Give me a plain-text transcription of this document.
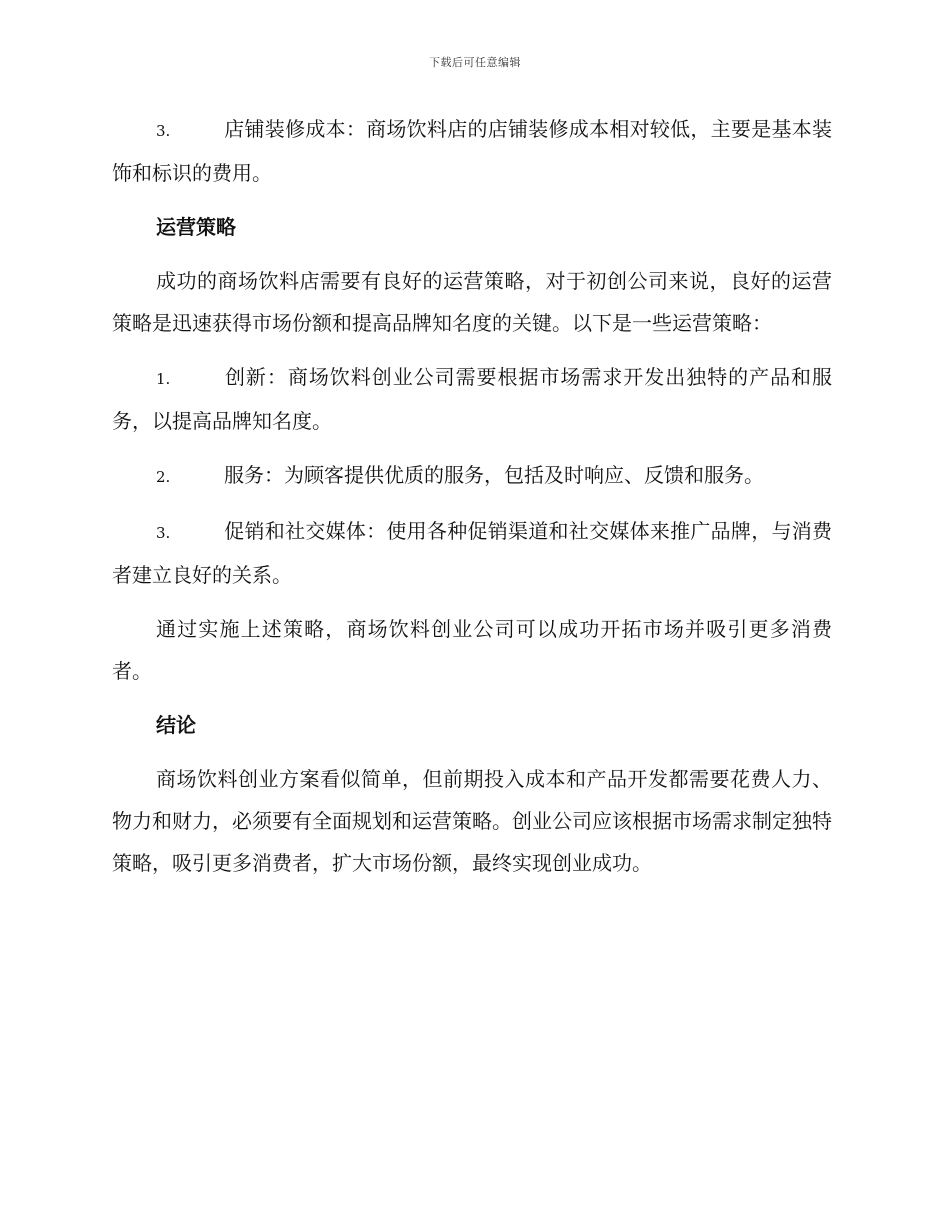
下载后可任意编辑

3.	店铺装修成本：商场饮料店的店铺装修成本相对较低，主要是基本装饰和标识的费用。

运营策略

成功的商场饮料店需要有良好的运营策略，对于初创公司来说，良好的运营策略是迅速获得市场份额和提高品牌知名度的关键。以下是一些运营策略：

1.	创新：商场饮料创业公司需要根据市场需求开发出独特的产品和服务，以提高品牌知名度。

2.	服务：为顾客提供优质的服务，包括及时响应、反馈和服务。

3.	促销和社交媒体：使用各种促销渠道和社交媒体来推广品牌，与消费者建立良好的关系。

通过实施上述策略，商场饮料创业公司可以成功开拓市场并吸引更多消费者。

结论

商场饮料创业方案看似简单，但前期投入成本和产品开发都需要花费人力、物力和财力，必须要有全面规划和运营策略。创业公司应该根据市场需求制定独特策略，吸引更多消费者，扩大市场份额，最终实现创业成功。
